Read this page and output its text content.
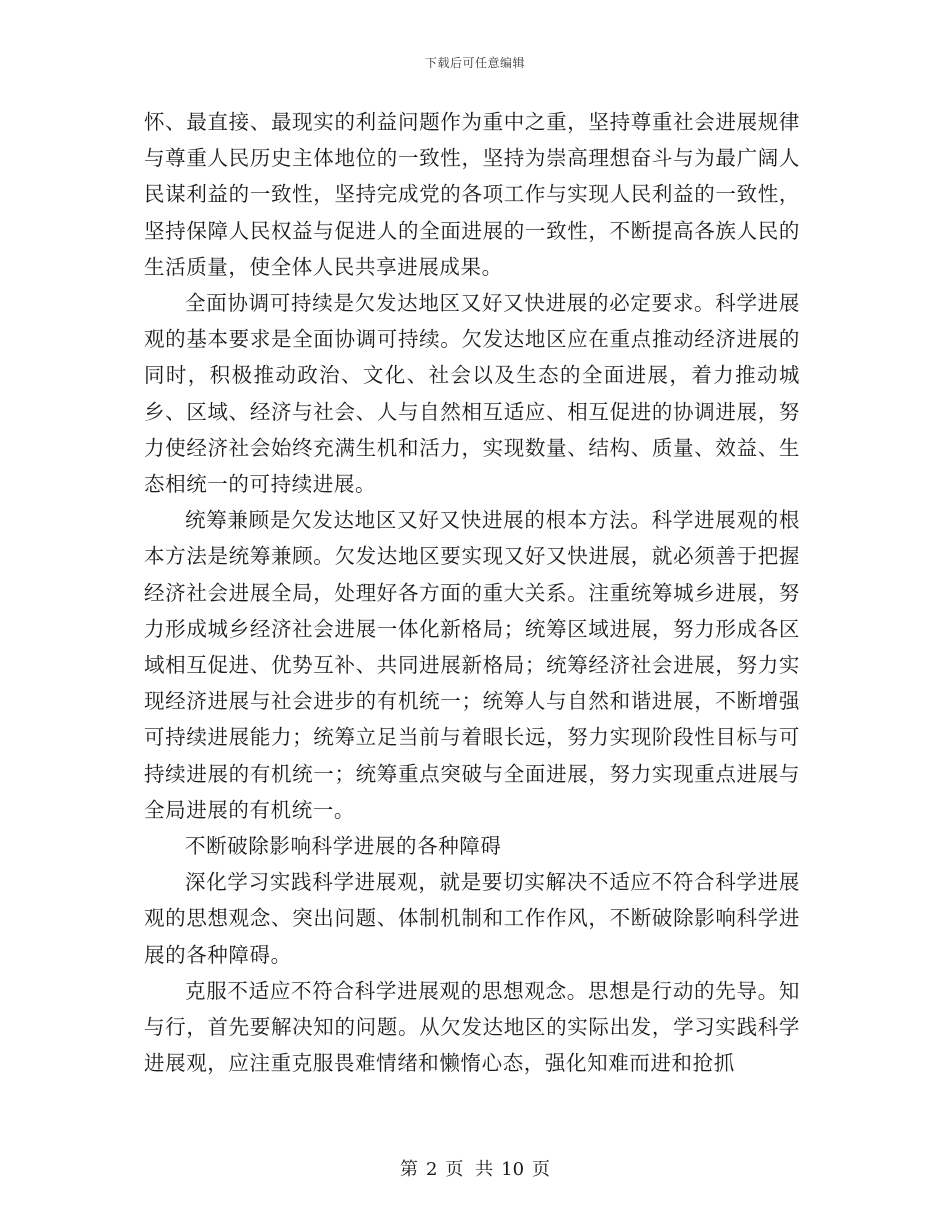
下载后可任意编辑

怀、最直接、最现实的利益问题作为重中之重，坚持尊重社会进展规律与尊重人民历史主体地位的一致性，坚持为崇高理想奋斗与为最广阔人民谋利益的一致性，坚持完成党的各项工作与实现人民利益的一致性，坚持保障人民权益与促进人的全面进展的一致性，不断提高各族人民的生活质量，使全体人民共享进展成果。

全面协调可持续是欠发达地区又好又快进展的必定要求。科学进展观的基本要求是全面协调可持续。欠发达地区应在重点推动经济进展的同时，积极推动政治、文化、社会以及生态的全面进展，着力推动城乡、区域、经济与社会、人与自然相互适应、相互促进的协调进展，努力使经济社会始终充满生机和活力，实现数量、结构、质量、效益、生态相统一的可持续进展。

统筹兼顾是欠发达地区又好又快进展的根本方法。科学进展观的根本方法是统筹兼顾。欠发达地区要实现又好又快进展，就必须善于把握经济社会进展全局，处理好各方面的重大关系。注重统筹城乡进展，努力形成城乡经济社会进展一体化新格局；统筹区域进展，努力形成各区域相互促进、优势互补、共同进展新格局；统筹经济社会进展，努力实现经济进展与社会进步的有机统一；统筹人与自然和谐进展，不断增强可持续进展能力；统筹立足当前与着眼长远，努力实现阶段性目标与可持续进展的有机统一；统筹重点突破与全面进展，努力实现重点进展与全局进展的有机统一。

不断破除影响科学进展的各种障碍

深化学习实践科学进展观，就是要切实解决不适应不符合科学进展观的思想观念、突出问题、体制机制和工作作风，不断破除影响科学进展的各种障碍。

克服不适应不符合科学进展观的思想观念。思想是行动的先导。知与行，首先要解决知的问题。从欠发达地区的实际出发，学习实践科学进展观，应注重克服畏难情绪和懒惰心态，强化知难而进和抢抓

第 2 页 共 10 页
